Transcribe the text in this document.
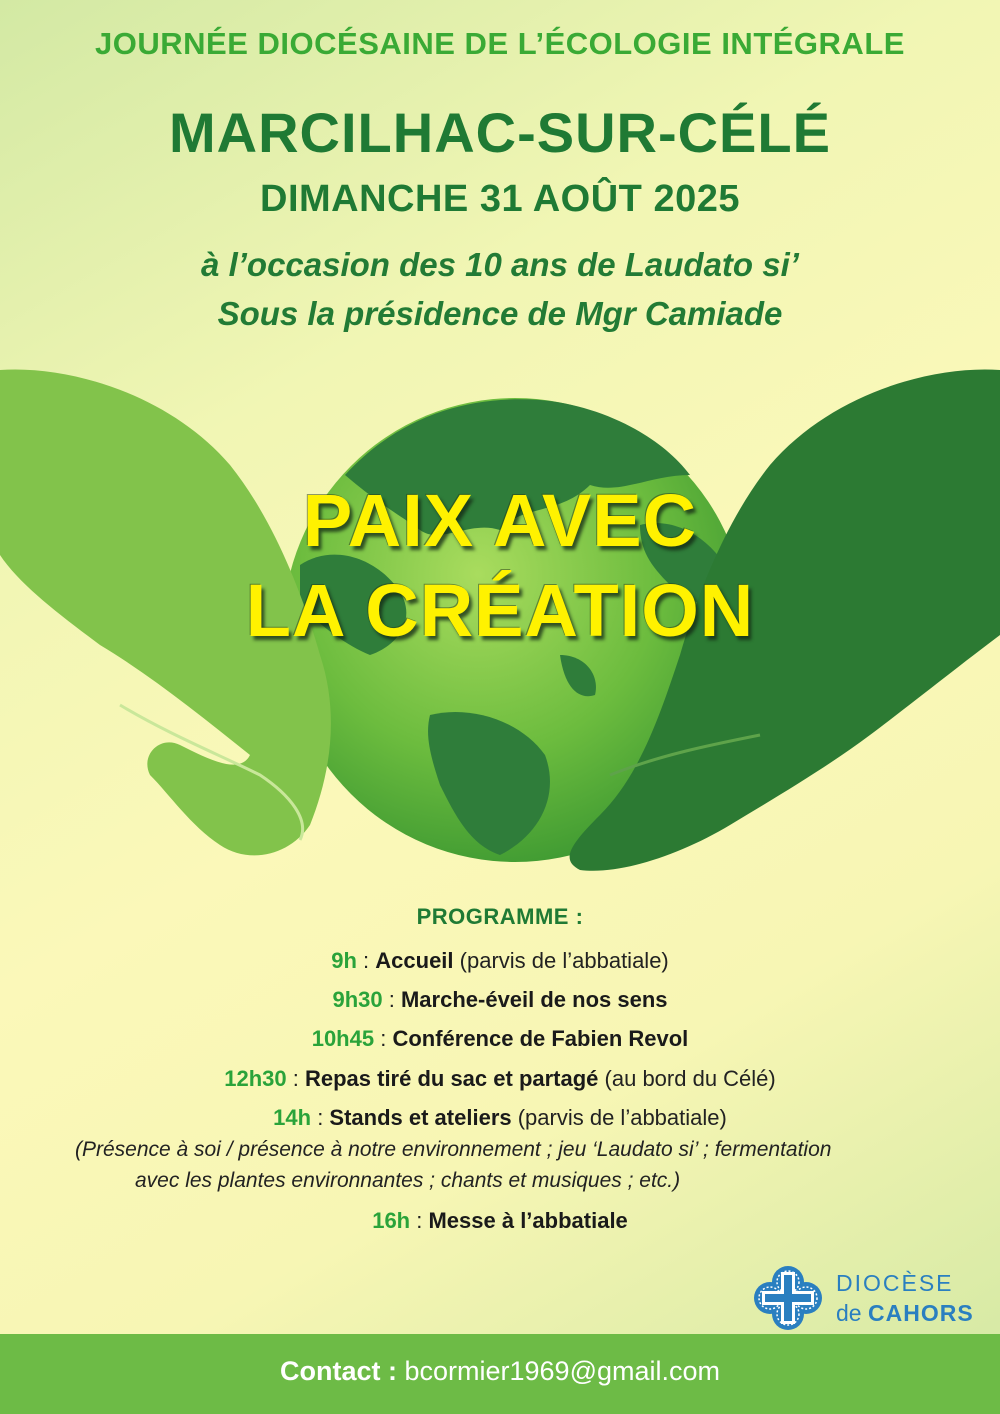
JOURNÉE DIOCÉSAINE DE L’ÉCOLOGIE INTÉGRALE
MARCILHAC-SUR-CÉLÉ
DIMANCHE 31 AOÛT 2025
à l’occasion des 10 ans de Laudato si’
Sous la présidence de Mgr Camiade
PAIX AVEC
LA CRÉATION
PROGRAMME :
9h : Accueil (parvis de l’abbatiale)
9h30 : Marche-éveil de nos sens
10h45 : Conférence de Fabien Revol
12h30 : Repas tiré du sac et partagé (au bord du Célé)
14h : Stands et ateliers (parvis de l’abbatiale)
(Présence à soi / présence à notre environnement ; jeu ‘Laudato si’ ; fermentation
avec les plantes environnantes ; chants et musiques ; etc.)
16h : Messe à l’abbatiale
DIOCÈSE
de CAHORS
Contact : bcormier1969@gmail.com
